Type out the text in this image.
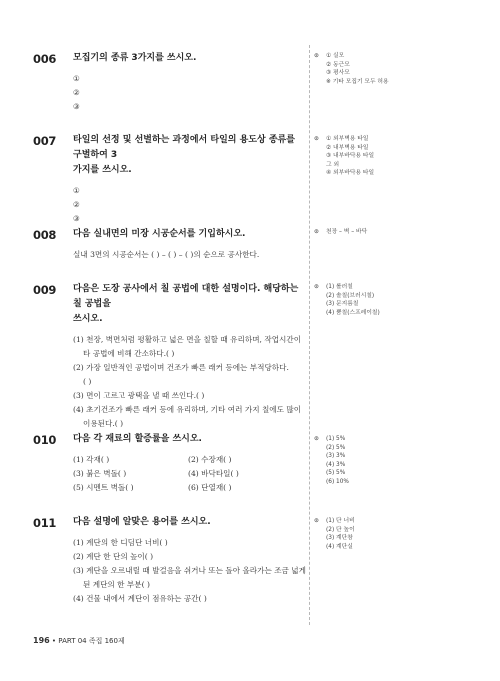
006	모집기의 종류 3가지를 쓰시오.
①
②
③
007	타일의 선정 및 선별하는 과정에서 타일의 용도상 종류를 구별하여 3
가지를 쓰시오.
①
②
③
008	다음 실내면의 미장 시공순서를 기입하시오.
실내 3면의 시공순서는 ( ) – ( ) – ( )의 순으로 공사한다.
009	다음은 도장 공사에서 칠 공법에 대한 설명이다. 해당하는 칠 공법을
쓰시오.
(1) 천장, 벽면처럼 평활하고 넓은 면을 칠할 때 유리하며, 작업시간이
타 공법에 비해 간소하다.( )
(2) 가장 일반적인 공법이며 건조가 빠른 래커 등에는 부적당하다.
( )
(3) 면이 고르고 광택을 낼 때 쓰인다.( )
(4) 초기건조가 빠른 래커 등에 유리하며, 기타 여러 가지 칠에도 많이
이용된다.( )
010	다음 각 재료의 할증률을 쓰시오.
(1) 각재( )	(2) 수장재( )
(3) 붉은 벽돌( )	(4) 바닥타일( )
(5) 시멘트 벽돌( )	(6) 단열재( )
011	다음 설명에 알맞은 용어를 쓰시오.
(1) 계단의 한 디딤단 너비( )
(2) 계단 한 단의 높이( )
(3) 계단을 오르내릴 때 발걸음을 쉬거나 또는 돌아 올라가는 조금 넓게
된 계단의 한 부분( )
(4) 건물 내에서 계단이 점유하는 공간( )
⊙	① 실모
② 동근모
③ 평사모
※ 기타 모집기 모두 허용
⊙	① 외부벽용 타일
② 내부벽용 타일
③ 내부바닥용 타일
그 외
④ 외부바닥용 타일
⊙	천장 – 벽 – 바닥
⊙	(1) 롤러칠
(2) 솔칠(브러시칠)
(3) 문지름칠
(4) 뿜칠(스프레이칠)
⊙	(1) 5%
(2) 5%
(3) 3%
(4) 3%
(5) 5%
(6) 10%
⊙	(1) 단 너비
(2) 단 높이
(3) 계단참
(4) 계단실
196 • PART 04 족집 160제
